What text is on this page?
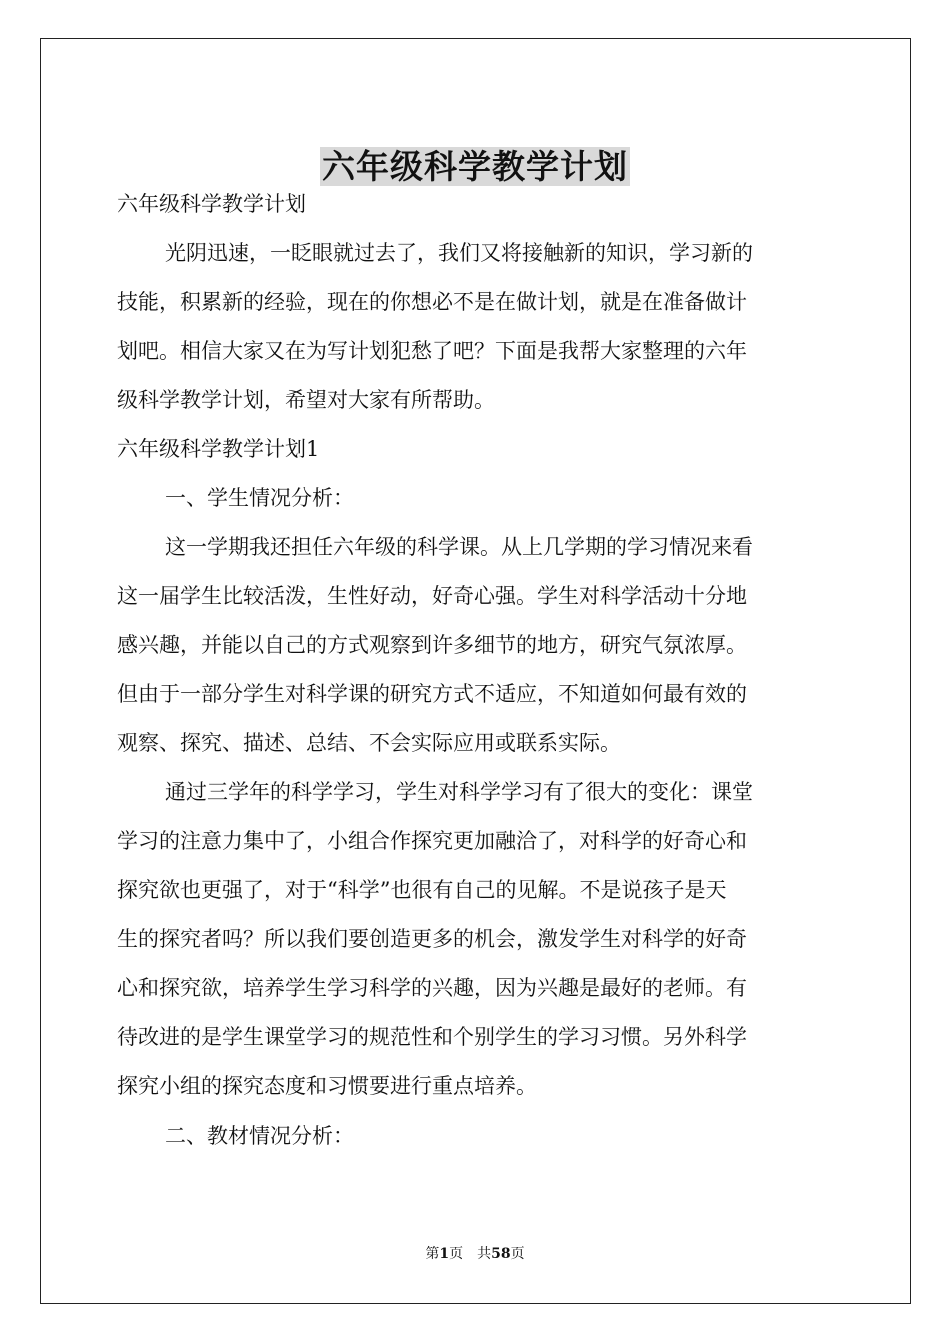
六年级科学教学计划

六年级科学教学计划

光阴迅速，一眨眼就过去了，我们又将接触新的知识，学习新的

技能，积累新的经验，现在的你想必不是在做计划，就是在准备做计

划吧。相信大家又在为写计划犯愁了吧？下面是我帮大家整理的六年

级科学教学计划，希望对大家有所帮助。

六年级科学教学计划1

一、学生情况分析：

这一学期我还担任六年级的科学课。从上几学期的学习情况来看

这一届学生比较活泼，生性好动，好奇心强。学生对科学活动十分地

感兴趣，并能以自己的方式观察到许多细节的地方，研究气氛浓厚。

但由于一部分学生对科学课的研究方式不适应，不知道如何最有效的

观察、探究、描述、总结、不会实际应用或联系实际。

通过三学年的科学学习，学生对科学学习有了很大的变化：课堂

学习的注意力集中了，小组合作探究更加融洽了，对科学的好奇心和

探究欲也更强了，对于“科学”也很有自己的见解。不是说孩子是天

生的探究者吗？所以我们要创造更多的机会，激发学生对科学的好奇

心和探究欲，培养学生学习科学的兴趣，因为兴趣是最好的老师。有

待改进的是学生课堂学习的规范性和个别学生的学习习惯。另外科学

探究小组的探究态度和习惯要进行重点培养。

二、教材情况分析：

第1页 共58页
